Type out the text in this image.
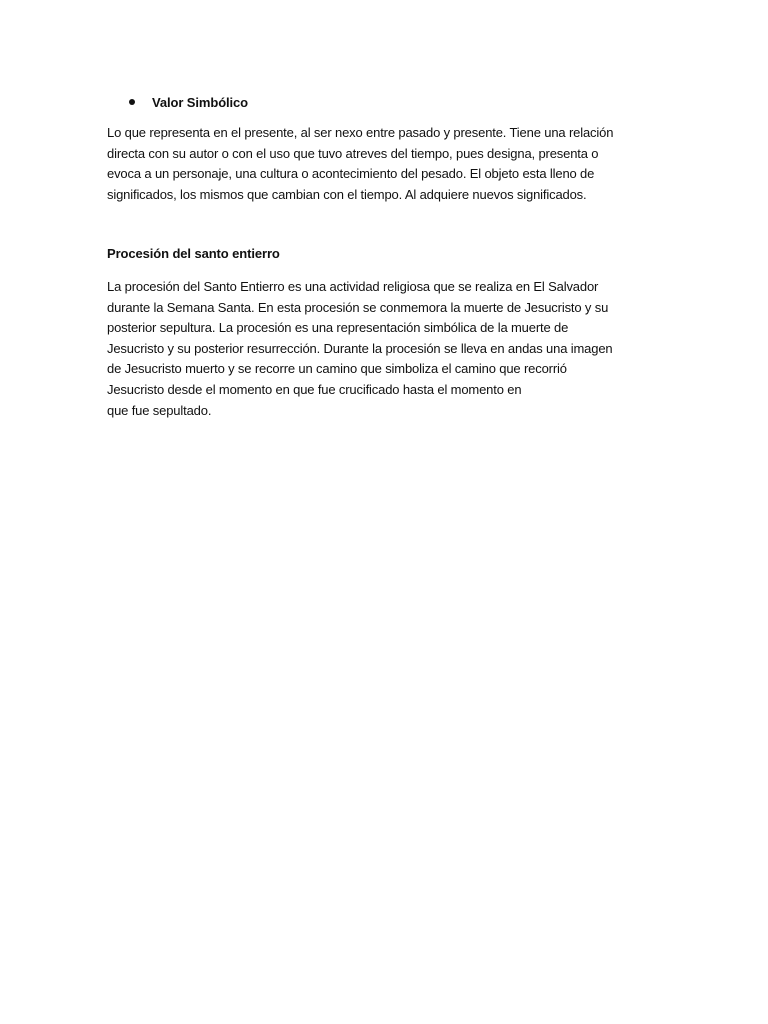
Valor Simbólico

Lo que representa en el presente, al ser nexo entre pasado y presente. Tiene una relación
directa con su autor o con el uso que tuvo atreves del tiempo, pues designa, presenta o
evoca a un personaje, una cultura o acontecimiento del pesado. El objeto esta lleno de
significados, los mismos que cambian con el tiempo. Al adquiere nuevos significados.

Procesión del santo entierro

La procesión del Santo Entierro es una actividad religiosa que se realiza en El Salvador
durante la Semana Santa. En esta procesión se conmemora la muerte de Jesucristo y su
posterior sepultura. La procesión es una representación simbólica de la muerte de
Jesucristo y su posterior resurrección. Durante la procesión se lleva en andas una imagen
de Jesucristo muerto y se recorre un camino que simboliza el camino que recorrió
Jesucristo desde el momento en que fue crucificado hasta el momento en
que fue sepultado.
